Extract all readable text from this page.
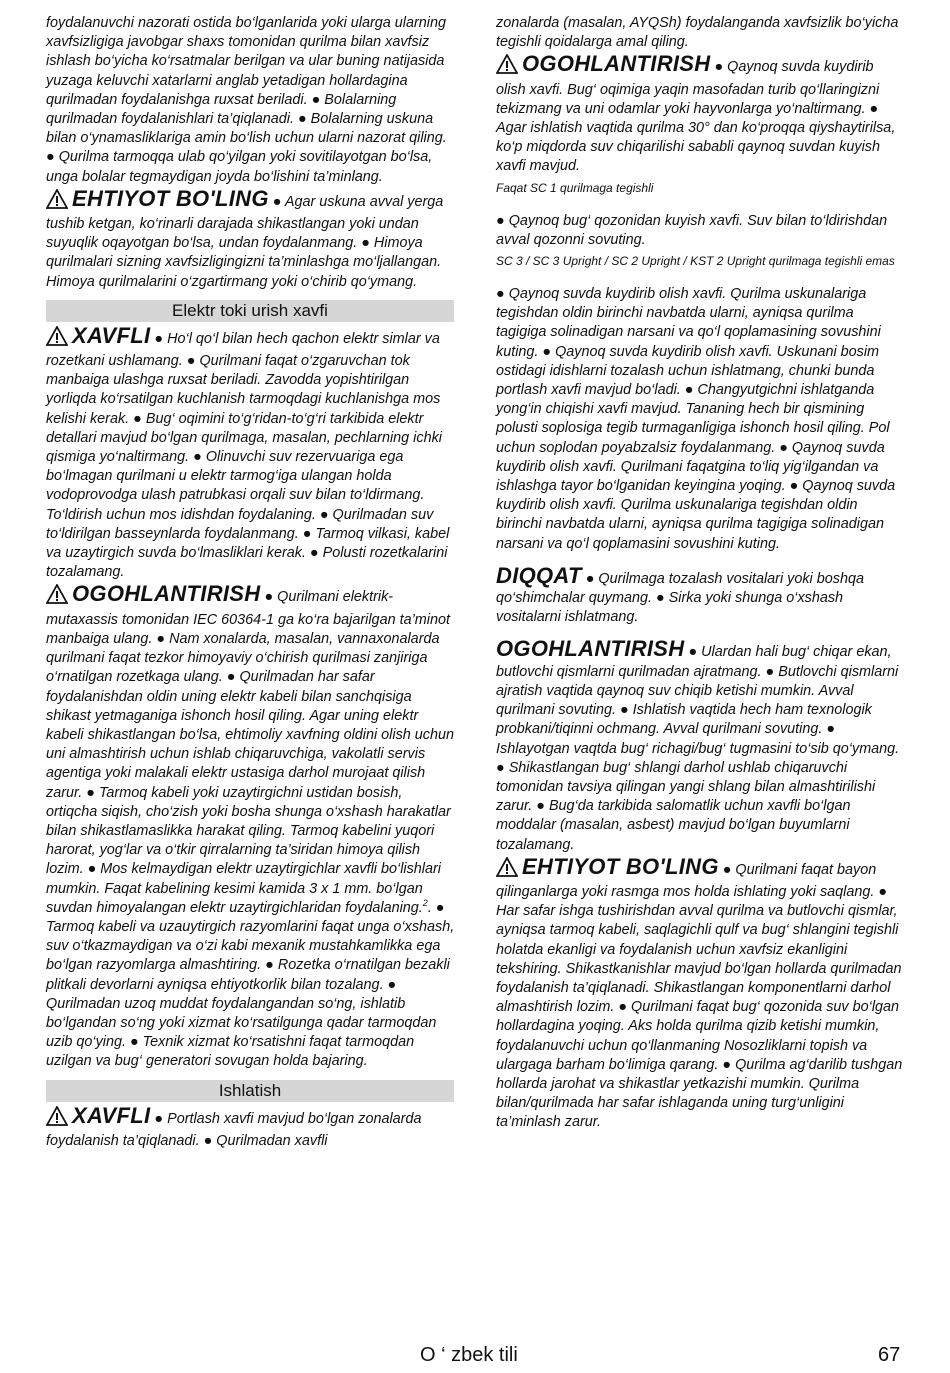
foydalanuvchi nazorati ostida bo‘lganlarida yoki ularga ularning xavfsizligiga javobgar shaxs tomonidan qurilma bilan xavfsiz ishlash bo‘yicha ko‘rsatmalar berilgan va ular buning natijasida yuzaga keluvchi xatarlarni anglab yetadigan hollardagina qurilmadan foydalanishga ruxsat beriladi. ● Bolalarning qurilmadan foydalanishlari ta’qiqlanadi. ● Bolalarning uskuna bilan o‘ynamasliklariga amin bo‘lish uchun ularni nazorat qiling. ● Qurilma tarmoqqa ulab qo‘yilgan yoki sovitilayotgan bo‘lsa, unga bolalar tegmaydigan joyda bo‘lishini ta’minlang.

EHTIYOT BO'LING ● Agar uskuna avval yerga tushib ketgan, ko‘rinarli darajada shikastlangan yoki undan suyuqlik oqayotgan bo‘lsa, undan foydalanmang. ● Himoya qurilmalari sizning xavfsizligingizni ta’minlashga mo‘ljallangan. Himoya qurilmalarini o‘zgartirmang yoki o‘chirib qo‘ymang.

Elektr toki urish xavfi

XAVFLI ● Ho‘l qo‘l bilan hech qachon elektr simlar va rozetkani ushlamang. ● Qurilmani faqat o‘zgaruvchan tok manbaiga ulashga ruxsat beriladi. Zavodda yopishtirilgan yorliqda ko‘rsatilgan kuchlanish tarmoqdagi kuchlanishga mos kelishi kerak. ● Bug‘ oqimini to‘g‘ridan-to‘g‘ri tarkibida elektr detallari mavjud bo‘lgan qurilmaga, masalan, pechlarning ichki qismiga yo‘naltirmang. ● Olinuvchi suv rezervuariga ega bo‘lmagan qurilmani u elektr tarmog‘iga ulangan holda vodoprovodga ulash patrubkasi orqali suv bilan to‘ldirmang. To‘ldirish uchun mos idishdan foydalaning. ● Qurilmadan suv to‘ldirilgan basseynlarda foydalanmang. ● Tarmoq vilkasi, kabel va uzaytirgich suvda bo‘lmasliklari kerak. ● Polusti rozetkalarini tozalamang.

OGOHLANTIRISH ● Qurilmani elektrik-mutaxassis tomonidan IEC 60364-1 ga ko‘ra bajarilgan ta’minot manbaiga ulang. ● Nam xonalarda, masalan, vannaxonalarda qurilmani faqat tezkor himoyaviy o‘chirish qurilmasi zanjiriga o‘rnatilgan rozetkaga ulang. ● Qurilmadan har safar foydalanishdan oldin uning elektr kabeli bilan sanchqisiga shikast yetmaganiga ishonch hosil qiling. Agar uning elektr kabeli shikastlangan bo‘lsa, ehtimoliy xavfning oldini olish uchun uni almashtirish uchun ishlab chiqaruvchiga, vakolatli servis agentiga yoki malakali elektr ustasiga darhol murojaat qilish zarur. ● Tarmoq kabeli yoki uzaytirgichni ustidan bosish, ortiqcha siqish, cho‘zish yoki bosha shunga o‘xshash harakatlar bilan shikastlamaslikka harakat qiling. Tarmoq kabelini yuqori harorat, yog‘lar va o‘tkir qirralarning ta’siridan himoya qilish lozim. ● Mos kelmaydigan elektr uzaytirgichlar xavfli bo‘lishlari mumkin. Faqat kabelining kesimi kamida 3 x 1 mm. bo‘lgan suvdan himoyalangan elektr uzaytirgichlaridan foydalaning.$^2$. ● Tarmoq kabeli va uzauytirgich razyomlarini faqat unga o‘xshash, suv o‘tkazmaydigan va o‘zi kabi mexanik mustahkamlikka ega bo‘lgan razyomlarga almashtiring. ● Rozetka o‘rnatilgan bezakli plitkali devorlarni ayniqsa ehtiyotkorlik bilan tozalang. ● Qurilmadan uzoq muddat foydalangandan so‘ng, ishlatib bo‘lgandan so‘ng yoki xizmat ko‘rsatilgunga qadar tarmoqdan uzib qo‘ying. ● Texnik xizmat ko‘rsatishni faqat tarmoqdan uzilgan va bug‘ generatori sovugan holda bajaring.

Ishlatish

XAVFLI ● Portlash xavfi mavjud bo‘lgan zonalarda foydalanish ta’qiqlanadi. ● Qurilmadan xavfli

zonalarda (masalan, AYQSh) foydalanganda xavfsizlik bo‘yicha tegishli qoidalarga amal qiling.

OGOHLANTIRISH ● Qaynoq suvda kuydirib olish xavfi. Bug‘ oqimiga yaqin masofadan turib qo‘llaringizni tekizmang va uni odamlar yoki hayvonlarga yo‘naltirmang. ● Agar ishlatish vaqtida qurilma 30° dan ko‘proqqa qiyshaytirilsa, ko‘p miqdorda suv chiqarilishi sababli qaynoq suvdan kuyish xavfi mavjud.

Faqat SC 1 qurilmaga tegishli

● Qaynoq bug‘ qozonidan kuyish xavfi. Suv bilan to‘ldirishdan avval qozonni sovuting.

SC 3 / SC 3 Upright / SC 2 Upright / KST 2 Upright qurilmaga tegishli emas

● Qaynoq suvda kuydirib olish xavfi. Qurilma uskunalariga tegishdan oldin birinchi navbatda ularni, ayniqsa qurilma tagigiga solinadigan narsani va qo‘l qoplamasining sovushini kuting. ● Qaynoq suvda kuydirib olish xavfi. Uskunani bosim ostidagi idishlarni tozalash uchun ishlatmang, chunki bunda portlash xavfi mavjud bo‘ladi. ● Changyutgichni ishlatganda yong‘in chiqishi xavfi mavjud. Tananing hech bir qismining polusti soplosiga tegib turmaganligiga ishonch hosil qiling. Pol uchun soplodan poyabzalsiz foydalanmang. ● Qaynoq suvda kuydirib olish xavfi. Qurilmani faqatgina to‘liq yig‘ilgandan va ishlashga tayor bo‘lganidan keyingina yoqing. ● Qaynoq suvda kuydirib olish xavfi. Qurilma uskunalariga tegishdan oldin birinchi navbatda ularni, ayniqsa qurilma tagigiga solinadigan narsani va qo‘l qoplamasini sovushini kuting.

DIQQAT ● Qurilmaga tozalash vositalari yoki boshqa qo‘shimchalar quymang. ● Sirka yoki shunga o‘xshash vositalarni ishlatmang.

OGOHLANTIRISH ● Ulardan hali bug‘ chiqar ekan, butlovchi qismlarni qurilmadan ajratmang. ● Butlovchi qismlarni ajratish vaqtida qaynoq suv chiqib ketishi mumkin. Avval qurilmani sovuting. ● Ishlatish vaqtida hech ham texnologik probkani/tiqinni ochmang. Avval qurilmani sovuting. ● Ishlayotgan vaqtda bug‘ richagi/bug‘ tugmasini to‘sib qo‘ymang. ● Shikastlangan bug‘ shlangi darhol ushlab chiqaruvchi tomonidan tavsiya qilingan yangi shlang bilan almashtirilishi zarur. ● Bug‘da tarkibida salomatlik uchun xavfli bo‘lgan moddalar (masalan, asbest) mavjud bo‘lgan buyumlarni tozalamang.

EHTIYOT BO'LING ● Qurilmani faqat bayon qilinganlarga yoki rasmga mos holda ishlating yoki saqlang. ● Har safar ishga tushirishdan avval qurilma va butlovchi qismlar, ayniqsa tarmoq kabeli, saqlagichli qulf va bug‘ shlangini tegishli holatda ekanligi va foydalanish uchun xavfsiz ekanligini tekshiring. Shikastkanishlar mavjud bo‘lgan hollarda qurilmadan foydalanish ta’qiqlanadi. Shikastlangan komponentlarni darhol almashtirish lozim. ● Qurilmani faqat bug‘ qozonida suv bo‘lgan hollardagina yoqing. Aks holda qurilma qizib ketishi mumkin, foydalanuvchi uchun qo‘llanmaning Nosozliklarni topish va ulargaga barham bo‘limiga qarang. ● Qurilma ag‘darilib tushgan hollarda jarohat va shikastlar yetkazishi mumkin. Qurilma bilan/qurilmada har safar ishlaganda uning turg‘unligini ta’minlash zarur.

O ‘ zbek tili	67
